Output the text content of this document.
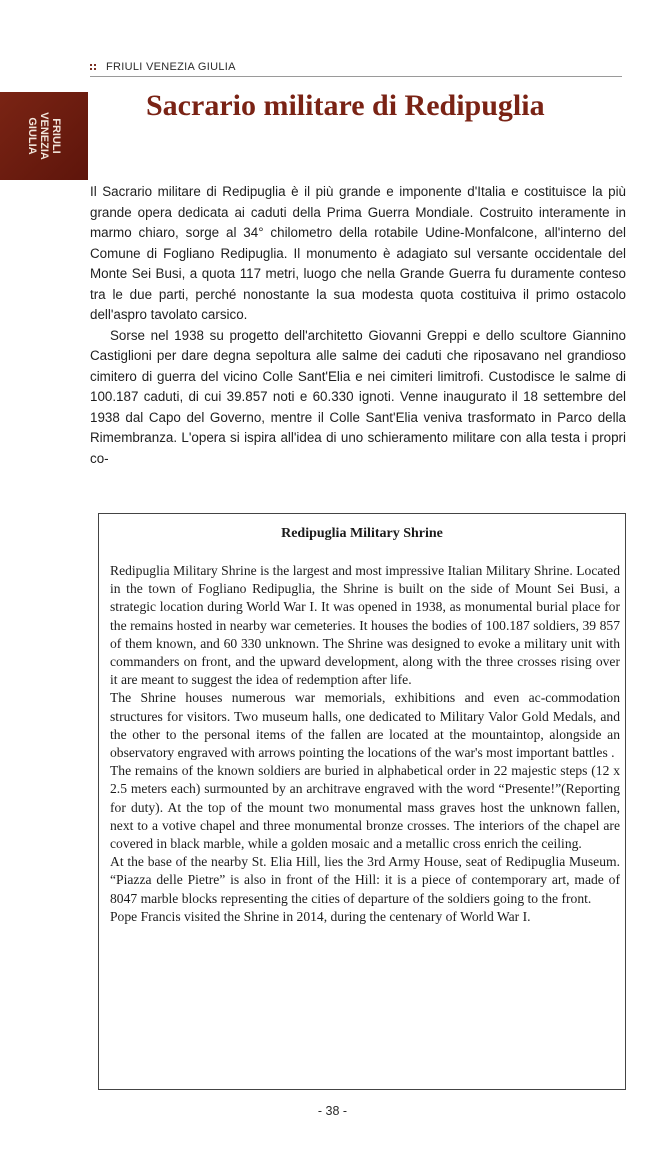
FRIULI VENEZIA GIULIA
FRIULI
VENEZIA
GIULIA
Sacrario militare di Redipuglia

Il Sacrario militare di Redipuglia è il più grande e imponente d'Italia e costituisce la più grande opera dedicata ai caduti della Prima Guerra Mondiale. Costruito interamente in marmo chiaro, sorge al 34° chilometro della rotabile Udine-Monfalcone, all'interno del Comune di Fogliano Redipuglia. Il monumento è adagiato sul versante occidentale del Monte Sei Busi, a quota 117 metri, luogo che nella Grande Guerra fu duramente conteso tra le due parti, perché nonostante la sua modesta quota costituiva il primo ostacolo dell'aspro tavolato carsico.

Sorse nel 1938 su progetto dell'architetto Giovanni Greppi e dello scultore Giannino Castiglioni per dare degna sepoltura alle salme dei caduti che riposavano nel grandioso cimitero di guerra del vicino Colle Sant'Elia e nei cimiteri limitrofi. Custodisce le salme di 100.187 caduti, di cui 39.857 noti e 60.330 ignoti. Venne inaugurato il 18 settembre del 1938 dal Capo del Governo, mentre il Colle Sant'Elia veniva trasformato in Parco della Rimembranza. L'opera si ispira all'idea di uno schieramento militare con alla testa i propri co-

Redipuglia Military Shrine

Redipuglia Military Shrine is the largest and most impressive Italian Military Shrine. Located in the town of Fogliano Redipuglia, the Shrine is built on the side of Mount Sei Busi, a strategic location during World War I. It was opened in 1938, as monumental burial place for the remains hosted in nearby war cemeteries. It houses the bodies of 100.187 soldiers, 39 857 of them known, and 60 330 unknown. The Shrine was designed to evoke a military unit with commanders on front, and the upward development, along with the three crosses rising over it are meant to suggest the idea of redemption after life.

The Shrine houses numerous war memorials, exhibitions and even ac-commodation structures for visitors. Two museum halls, one dedicated to Military Valor Gold Medals, and the other to the personal items of the fallen are located at the mountaintop, alongside an observatory engraved with arrows pointing the locations of the war's most important battles .

The remains of the known soldiers are buried in alphabetical order in 22 majestic steps (12 x 2.5 meters each) surmounted by an architrave engraved with the word “Presente!”(Reporting for duty). At the top of the mount two monumental mass graves host the unknown fallen, next to a votive chapel and three monumental bronze crosses. The interiors of the chapel are covered in black marble, while a golden mosaic and a metallic cross enrich the ceiling.

At the base of the nearby St. Elia Hill, lies the 3rd Army House, seat of Redipuglia Museum. “Piazza delle Pietre” is also in front of the Hill: it is a piece of contemporary art, made of 8047 marble blocks representing the cities of departure of the soldiers going to the front.

Pope Francis visited the Shrine in 2014, during the centenary of World War I.

- 38 -
